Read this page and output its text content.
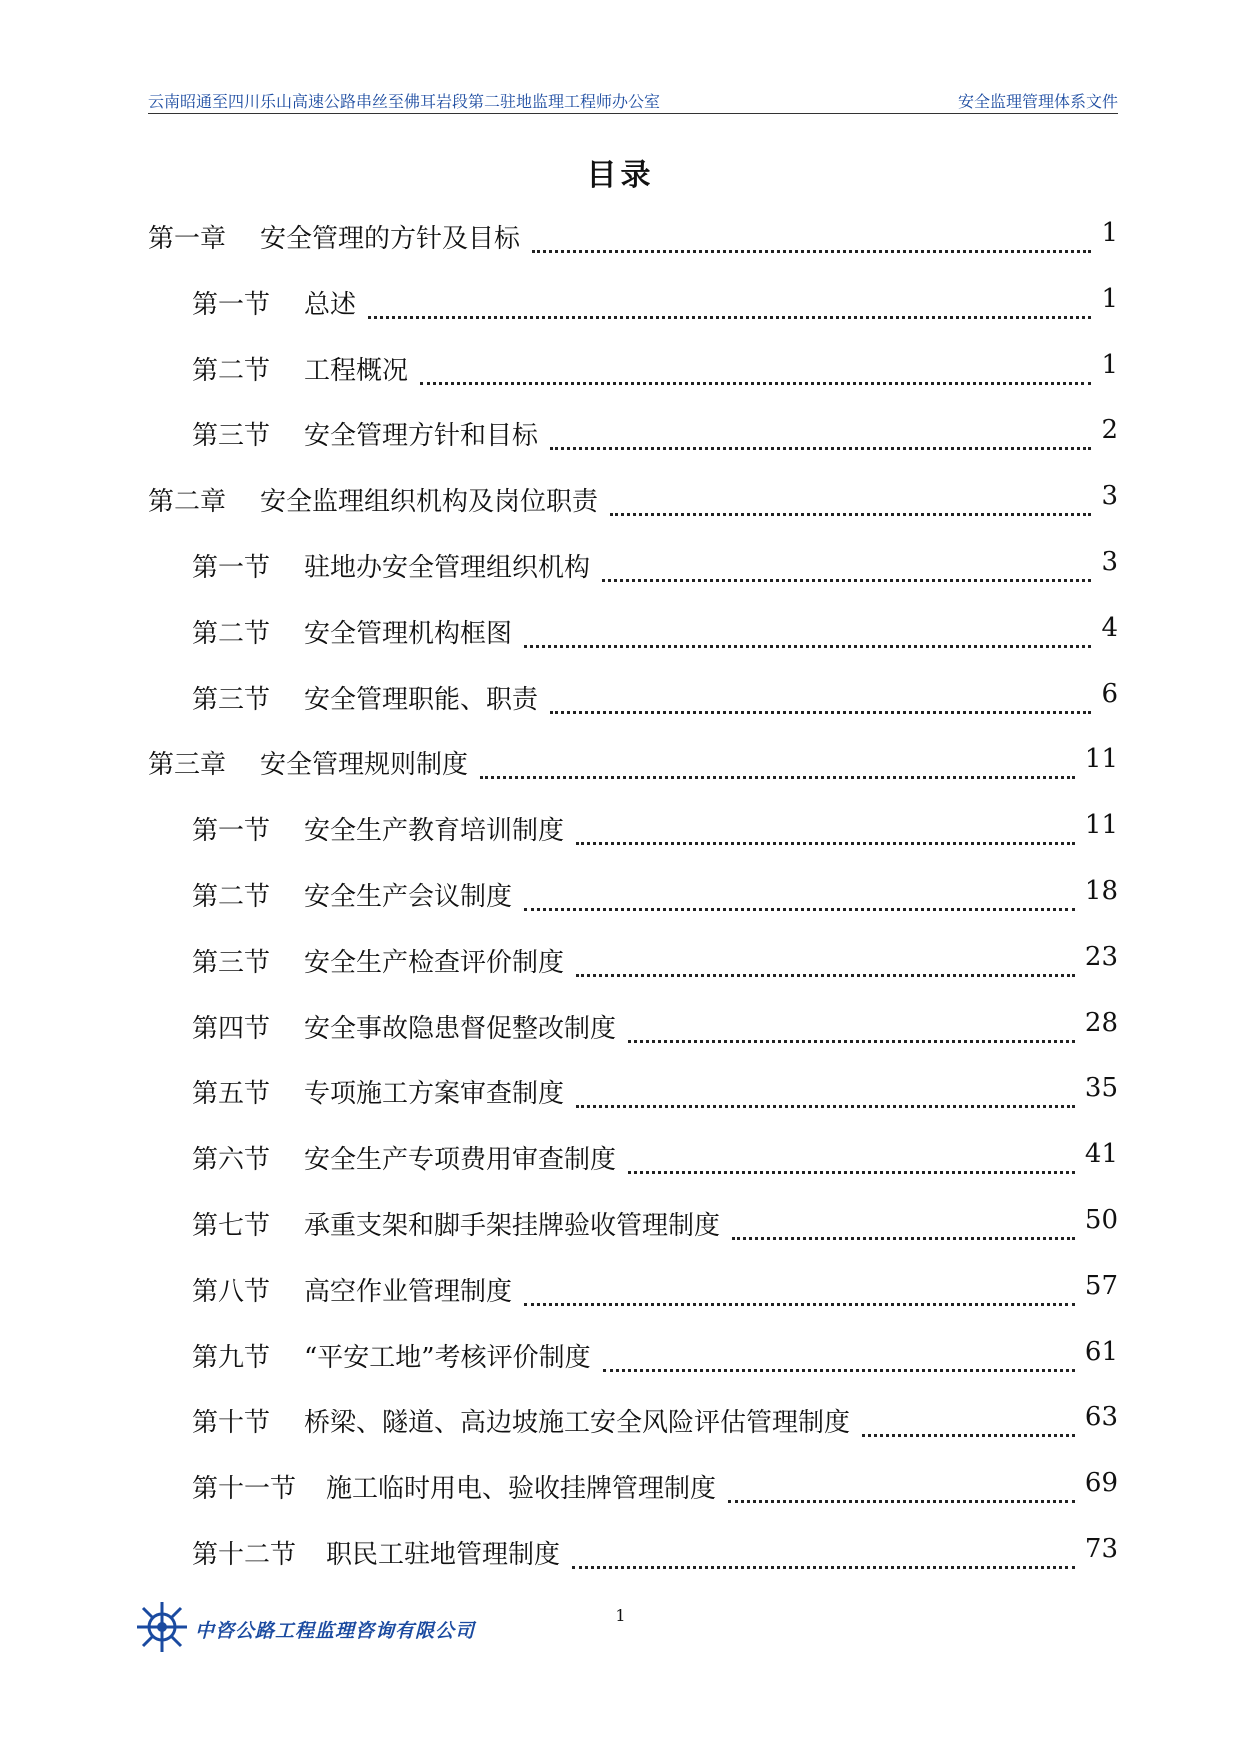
云南昭通至四川乐山高速公路串丝至佛耳岩段第二驻地监理工程师办公室	安全监理管理体系文件
目录
第一章 安全管理的方针及目标	1
第一节 总述	1
第二节 工程概况	1
第三节 安全管理方针和目标	2
第二章 安全监理组织机构及岗位职责	3
第一节 驻地办安全管理组织机构	3
第二节 安全管理机构框图	4
第三节 安全管理职能、职责	6
第三章 安全管理规则制度	11
第一节 安全生产教育培训制度	11
第二节 安全生产会议制度	18
第三节 安全生产检查评价制度	23
第四节 安全事故隐患督促整改制度	28
第五节 专项施工方案审查制度	35
第六节 安全生产专项费用审查制度	41
第七节 承重支架和脚手架挂牌验收管理制度	50
第八节 高空作业管理制度	57
第九节 “平安工地”考核评价制度	61
第十节 桥梁、隧道、高边坡施工安全风险评估管理制度	63
第十一节 施工临时用电、验收挂牌管理制度	69
第十二节 职民工驻地管理制度	73
中咨公路工程监理咨询有限公司
1
